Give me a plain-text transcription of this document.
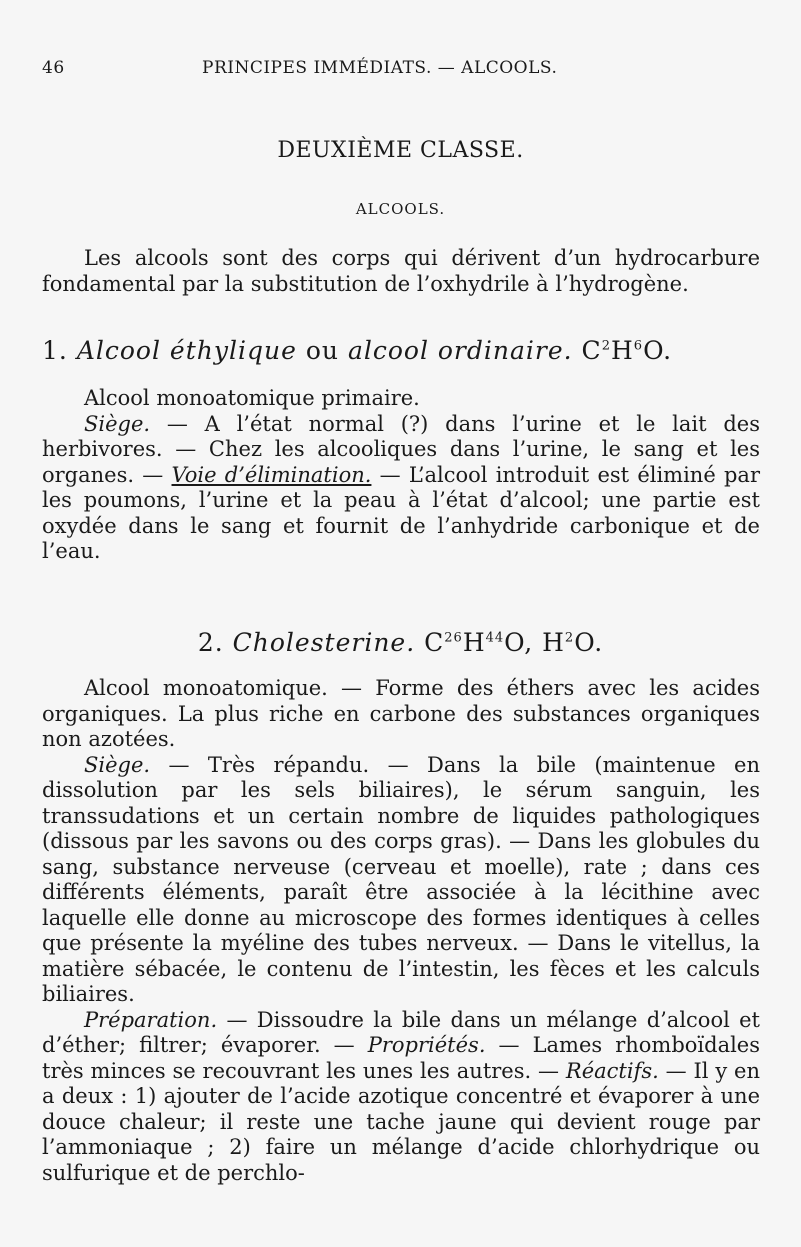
46	PRINCIPES IMMÉDIATS. — ALCOOLS.
DEUXIÈME CLASSE.
ALCOOLS.

Les alcools sont des corps qui dérivent d’un hydrocarbure fondamental par la substitution de l’oxhydrile à l’hydrogène.

1. Alcool éthylique ou alcool ordinaire. $C^2H^6O$.

Alcool monoatomique primaire.

Siège. — A l’état normal (?) dans l’urine et le lait des herbivores. — Chez les alcooliques dans l’urine, le sang et les organes. — Voie d’élimination. — L’alcool introduit est éliminé par les poumons, l’urine et la peau à l’état d’alcool; une partie est oxydée dans le sang et fournit de l’anhydride carbonique et de l’eau.

2. Cholesterine. $C^{26}H^{44}O$, $H^2O$.

Alcool monoatomique. — Forme des éthers avec les acides organiques. La plus riche en carbone des substances organiques non azotées.

Siège. — Très répandu. — Dans la bile (maintenue en dissolution par les sels biliaires), le sérum sanguin, les transsudations et un certain nombre de liquides pathologiques (dissous par les savons ou des corps gras). — Dans les globules du sang, substance nerveuse (cerveau et moelle), rate ; dans ces différents éléments, paraît être associée à la lécithine avec laquelle elle donne au microscope des formes identiques à celles que présente la myéline des tubes nerveux. — Dans le vitellus, la matière sébacée, le contenu de l’intestin, les fèces et les calculs biliaires.

Préparation. — Dissoudre la bile dans un mélange d’alcool et d’éther; filtrer; évaporer. — Propriétés. — Lames rhomboïdales très minces se recouvrant les unes les autres. — Réactifs. — Il y en a deux : 1) ajouter de l’acide azotique concentré et évaporer à une douce chaleur; il reste une tache jaune qui devient rouge par l’ammoniaque ; 2) faire un mélange d’acide chlorhydrique ou sulfurique et de perchlo-
